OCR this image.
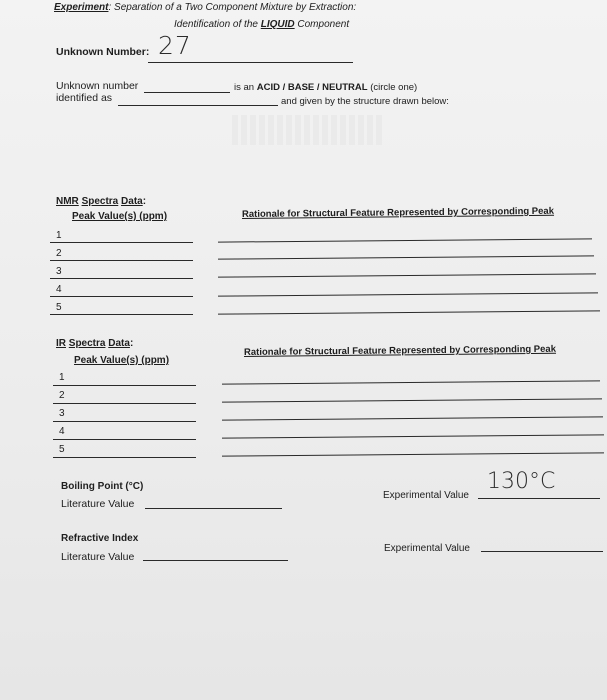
Experiment: Separation of a Two Component Mixture by Extraction:
Identification of the LIQUID Component
Unknown Number: 27
Unknown number
identified as
is an ACID / BASE / NEUTRAL (circle one)
and given by the structure drawn below:
NMR Spectra Data:
Peak Value(s) (ppm)	Rationale for Structural Feature Represented by Corresponding Peak
1
2
3
4
5
IR Spectra Data:
Peak Value(s) (ppm)
Rationale for Structural Feature Represented by Corresponding Peak
1
2
3
4
5
Boiling Point (°C)
Literature Value
Experimental Value
130°C
Refractive Index
Literature Value
Experimental Value
